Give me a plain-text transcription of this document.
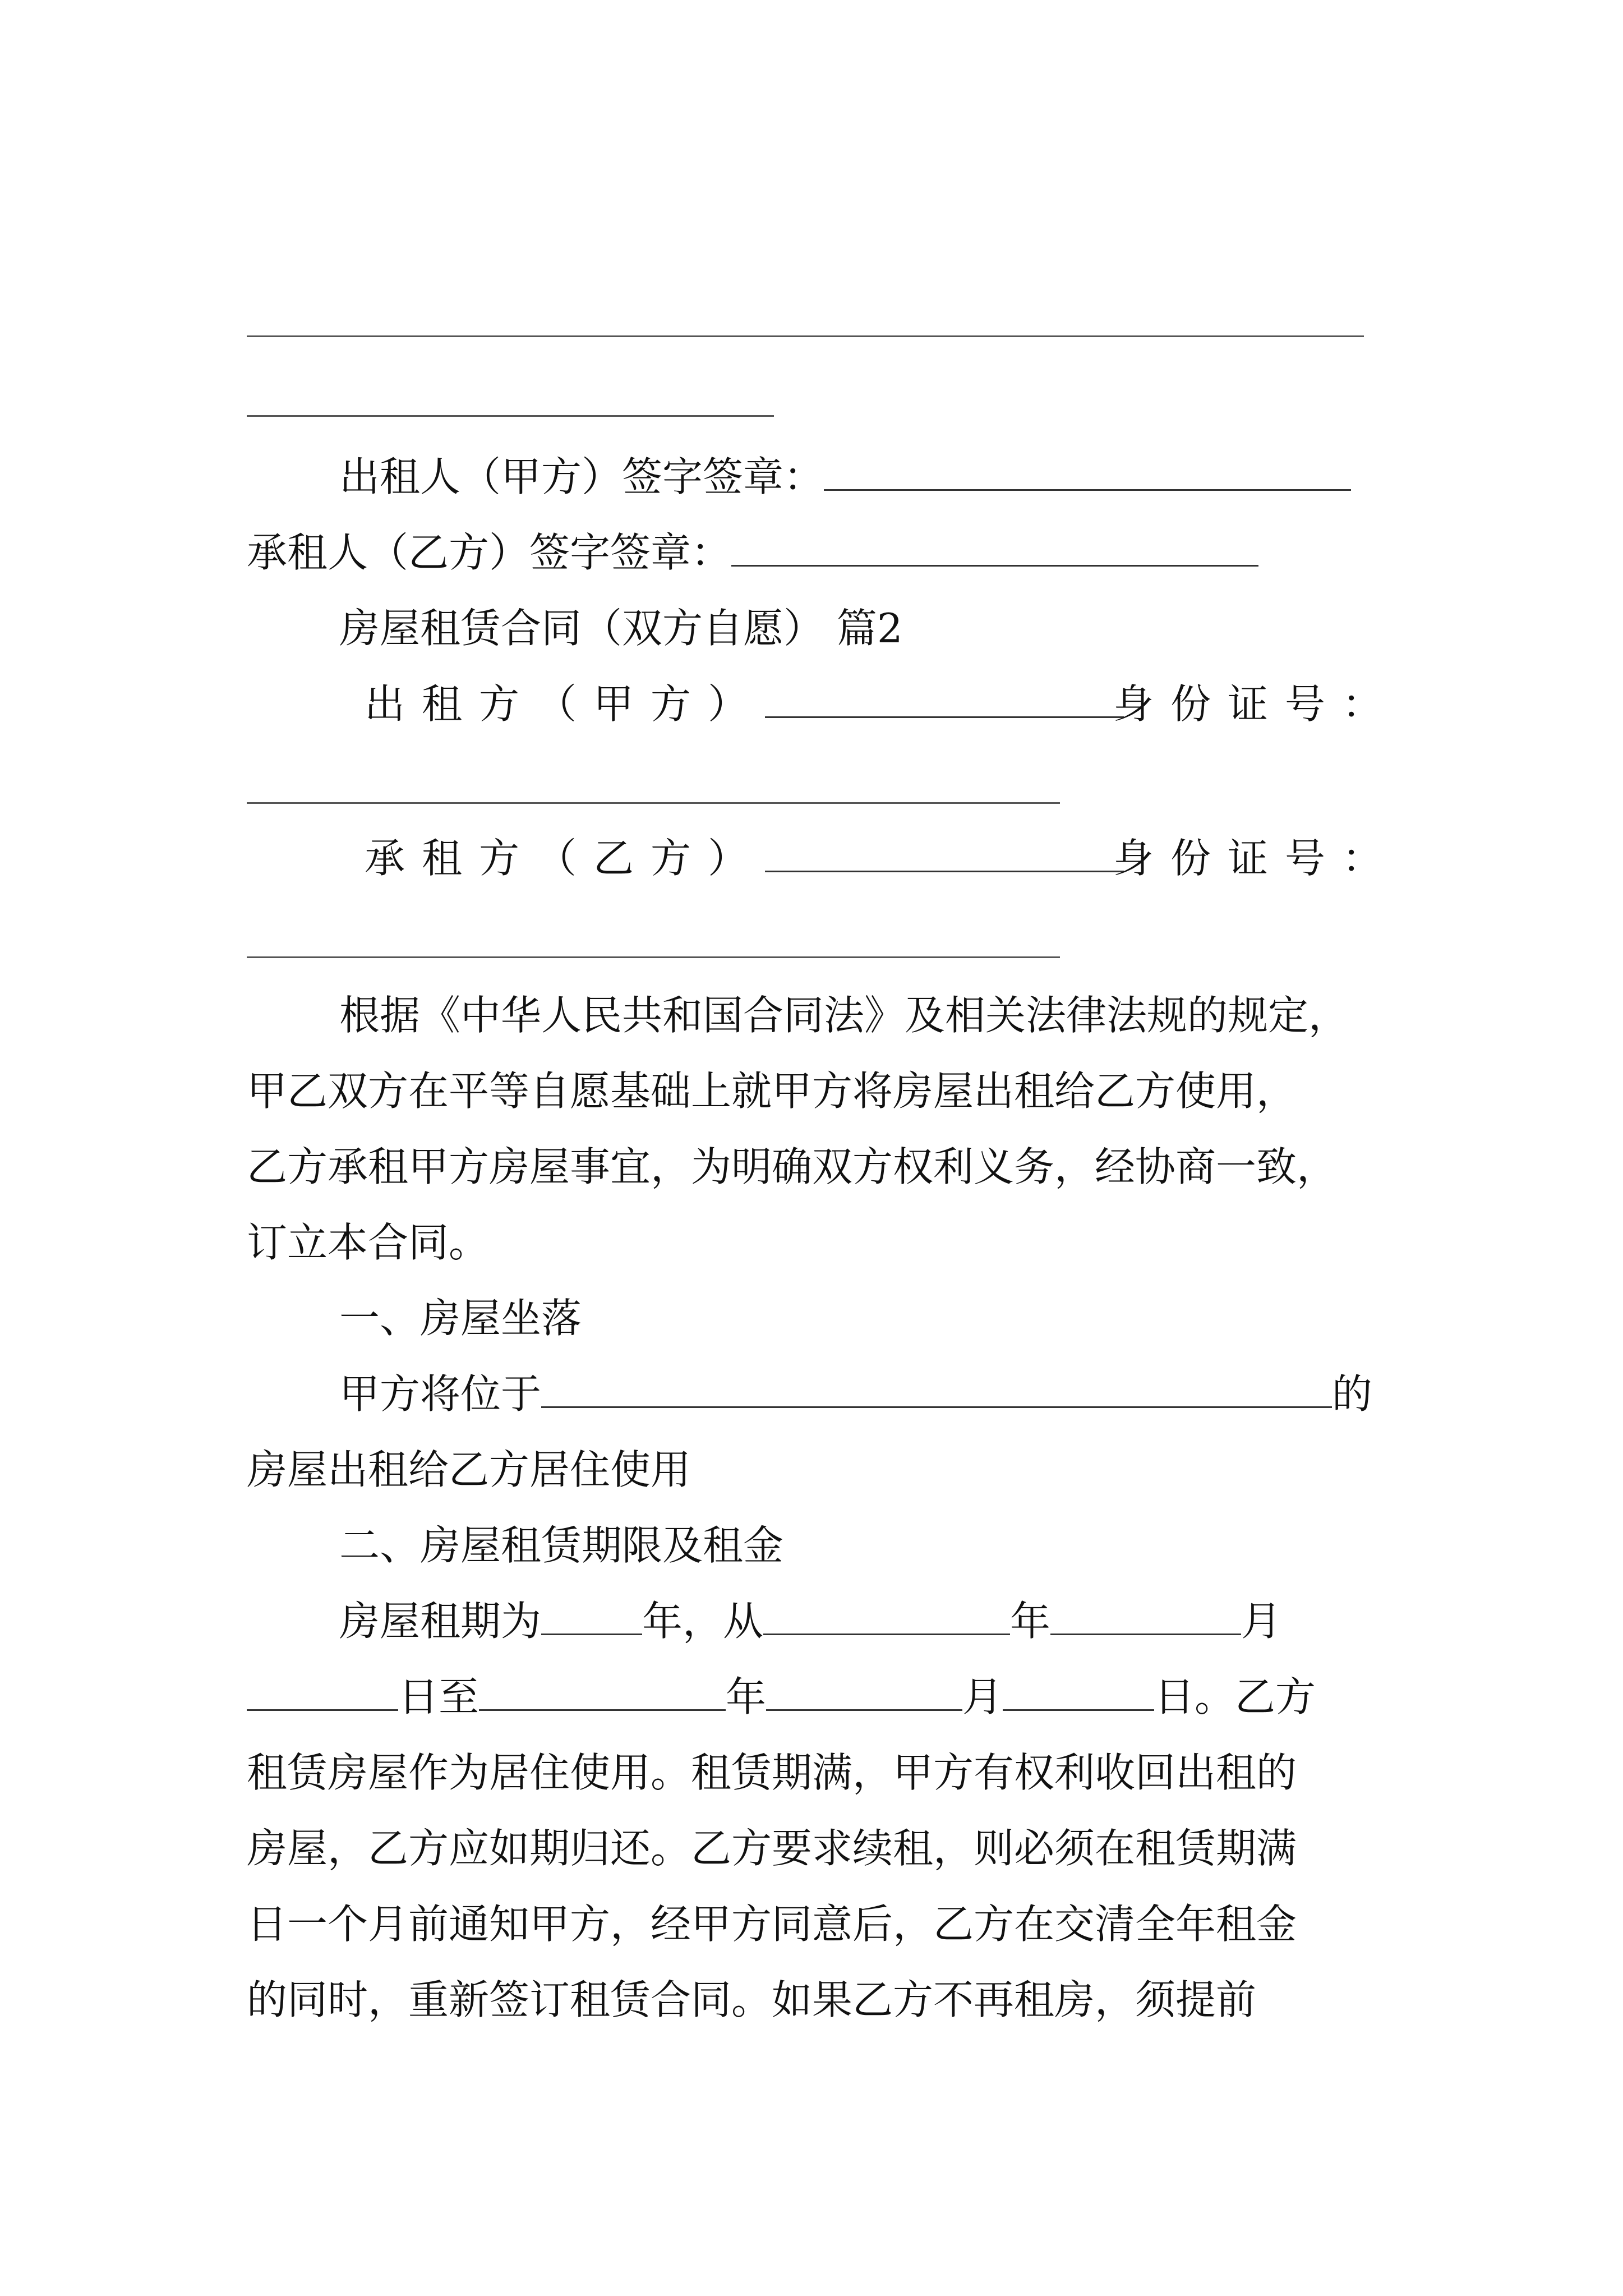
出租人（甲方）签字签章：
承租人（乙方）签字签章：
房屋租赁合同（双方自愿） 篇2
出租方（甲方）	身份证号：
承租方（乙方）	身份证号：
根据《中华人民共和国合同法》及相关法律法规的规定，
甲乙双方在平等自愿基础上就甲方将房屋出租给乙方使用，
乙方承租甲方房屋事宜，为明确双方权利义务，经协商一致，
订立本合同。
一、房屋坐落
甲方将位于	的
房屋出租给乙方居住使用
二、房屋租赁期限及租金
房屋租期为	年，从	年	月
日至	年	月	日。乙方
租赁房屋作为居住使用。租赁期满，甲方有权利收回出租的
房屋，乙方应如期归还。乙方要求续租，则必须在租赁期满
日一个月前通知甲方，经甲方同意后，乙方在交清全年租金
的同时，重新签订租赁合同。如果乙方不再租房，须提前
